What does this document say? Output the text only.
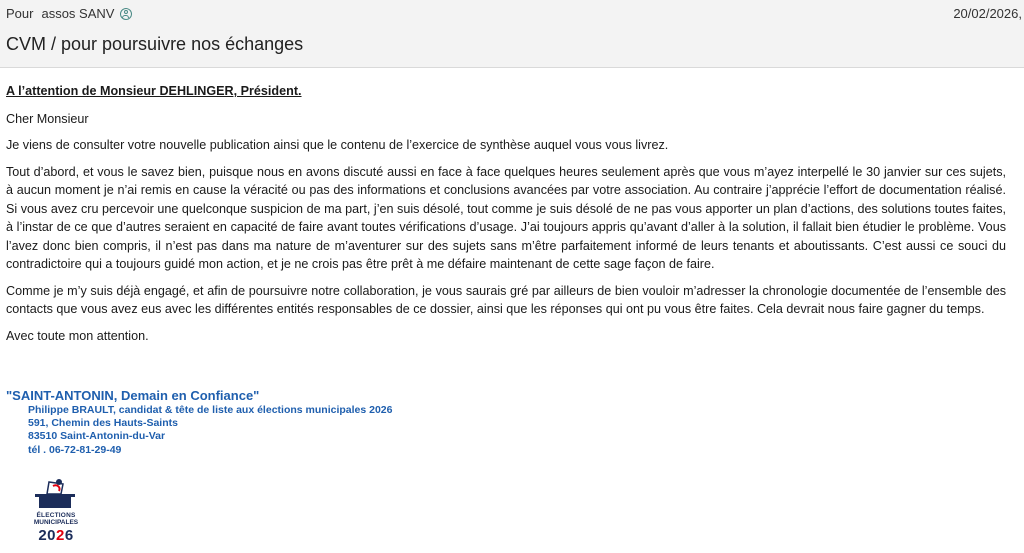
Pour assos SANV	20/02/2026,
CVM / pour poursuivre nos échanges

A l’attention de Monsieur DEHLINGER, Président.

Cher Monsieur

Je viens de consulter votre nouvelle publication ainsi que le contenu de l’exercice de synthèse auquel vous vous livrez.

Tout d’abord, et vous le savez bien, puisque nous en avons discuté aussi en face à face quelques heures seulement après que vous m’ayez interpellé le 30 janvier sur ces sujets, à aucun moment je n’ai remis en cause la véracité ou pas des informations et conclusions avancées par votre association. Au contraire j’apprécie l’effort de documentation réalisé. Si vous avez cru percevoir une quelconque suspicion de ma part, j’en suis désolé, tout comme je suis désolé de ne pas vous apporter un plan d’actions, des solutions toutes faites, à l’instar de ce que d’autres seraient en capacité de faire avant toutes vérifications d’usage. J’ai toujours appris qu’avant d’aller à la solution, il fallait bien étudier le problème. Vous l’avez donc bien compris, il n’est pas dans ma nature de m’aventurer sur des sujets sans m’être parfaitement informé de leurs tenants et aboutissants. C’est aussi ce souci du contradictoire qui a toujours guidé mon action, et je ne crois pas être prêt à me défaire maintenant de cette sage façon de faire.

Comme je m’y suis déjà engagé, et afin de poursuivre notre collaboration, je vous saurais gré par ailleurs de bien vouloir m’adresser la chronologie documentée de l’ensemble des contacts que vous avez eus avec les différentes entités responsables de ce dossier, ainsi que les réponses qui ont pu vous être faites. Cela devrait nous faire gagner du temps.

Avec toute mon attention.

"SAINT-ANTONIN, Demain en Confiance"
Philippe BRAULT, candidat & tête de liste aux élections municipales 2026
591, Chemin des Hauts-Saints
83510 Saint-Antonin-du-Var
tél . 06-72-81-29-49
ÉLECTIONS
MUNICIPALES
2026
